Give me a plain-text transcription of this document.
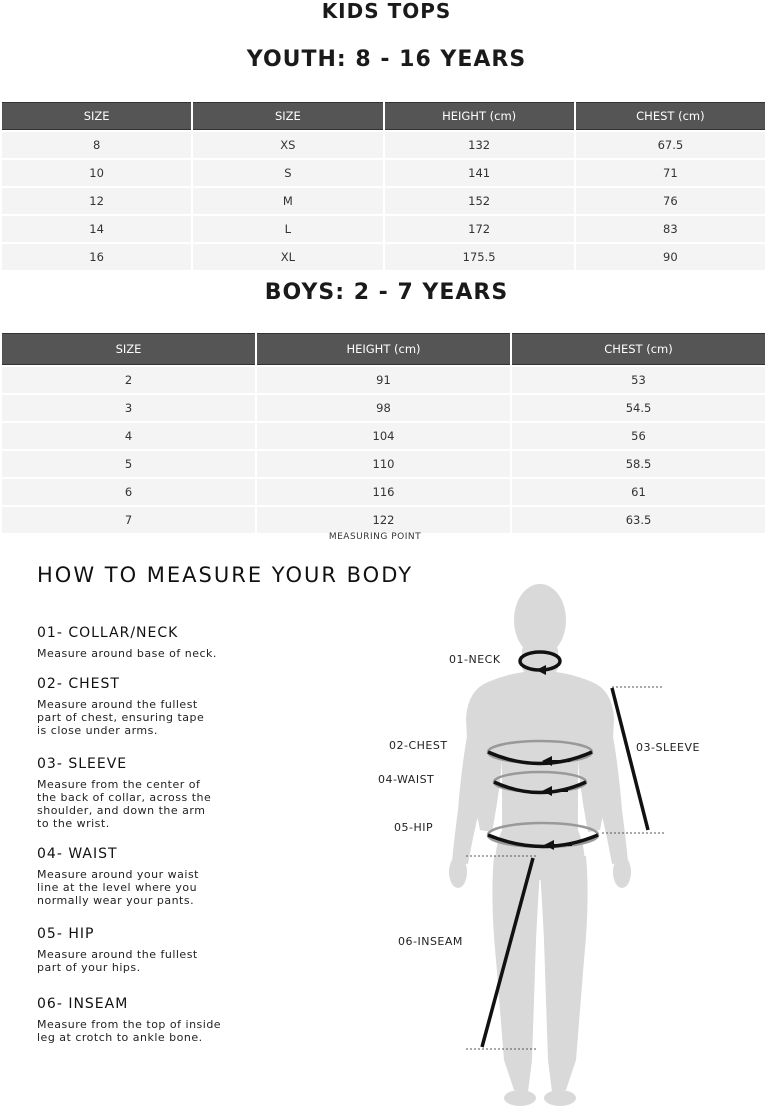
KIDS TOPS
YOUTH: 8 - 16 YEARS
SIZE	SIZE	HEIGHT (cm)	CHEST (cm)
8	XS	132	67.5
10	S	141	71
12	M	152	76
14	L	172	83
16	XL	175.5	90
BOYS: 2 - 7 YEARS
SIZE	HEIGHT (cm)	CHEST (cm)
2	91	53
3	98	54.5
4	104	56
5	110	58.5
6	116	61
7	122	63.5
MEASURING POINT
HOW TO MEASURE YOUR BODY

01- COLLAR/NECK

Measure around base of neck.

02- CHEST

Measure around the fullest
part of chest, ensuring tape
is close under arms.

03- SLEEVE

Measure from the center of
the back of collar, across the
shoulder, and down the arm
to the wrist.

04- WAIST

Measure around your waist
line at the level where you
normally wear your pants.

05- HIP

Measure around the fullest
part of your hips.

06- INSEAM

Measure from the top of inside
leg at crotch to ankle bone.

01-NECK
02-CHEST	03-SLEEVE
04-WAIST
05-HIP
06-INSEAM
